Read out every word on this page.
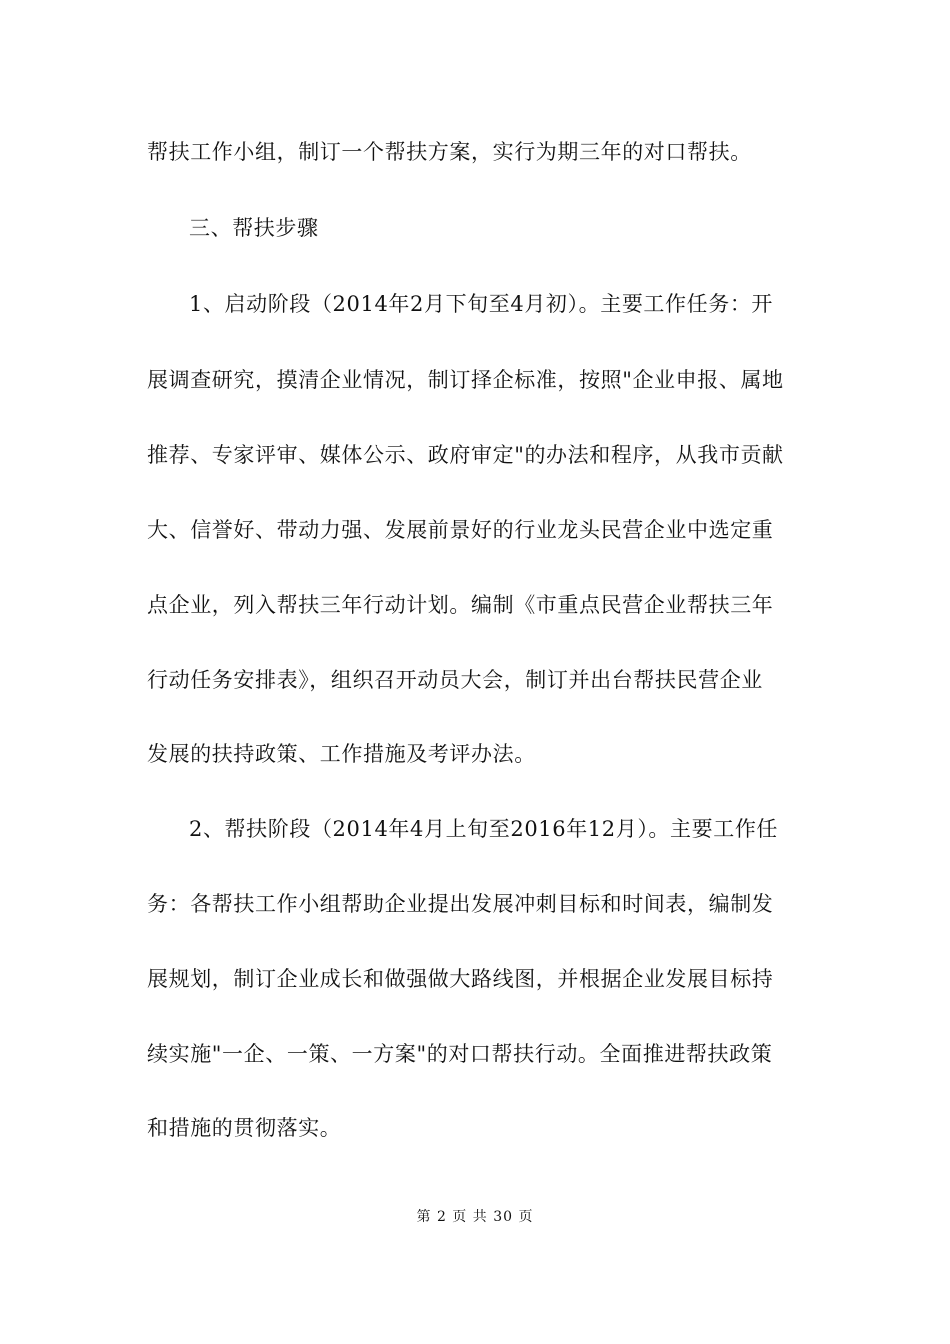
帮扶工作小组，制订一个帮扶方案，实行为期三年的对口帮扶。
三、帮扶步骤
1、启动阶段（2014年2月下旬至4月初）。主要工作任务：开
展调查研究，摸清企业情况，制订择企标准，按照"企业申报、属地
推荐、专家评审、媒体公示、政府审定"的办法和程序，从我市贡献
大、信誉好、带动力强、发展前景好的行业龙头民营企业中选定重
点企业，列入帮扶三年行动计划。编制《市重点民营企业帮扶三年
行动任务安排表》，组织召开动员大会，制订并出台帮扶民营企业
发展的扶持政策、工作措施及考评办法。
2、帮扶阶段（2014年4月上旬至2016年12月）。主要工作任
务：各帮扶工作小组帮助企业提出发展冲刺目标和时间表，编制发
展规划，制订企业成长和做强做大路线图，并根据企业发展目标持
续实施"一企、一策、一方案"的对口帮扶行动。全面推进帮扶政策
和措施的贯彻落实。
第 2 页 共 30 页
